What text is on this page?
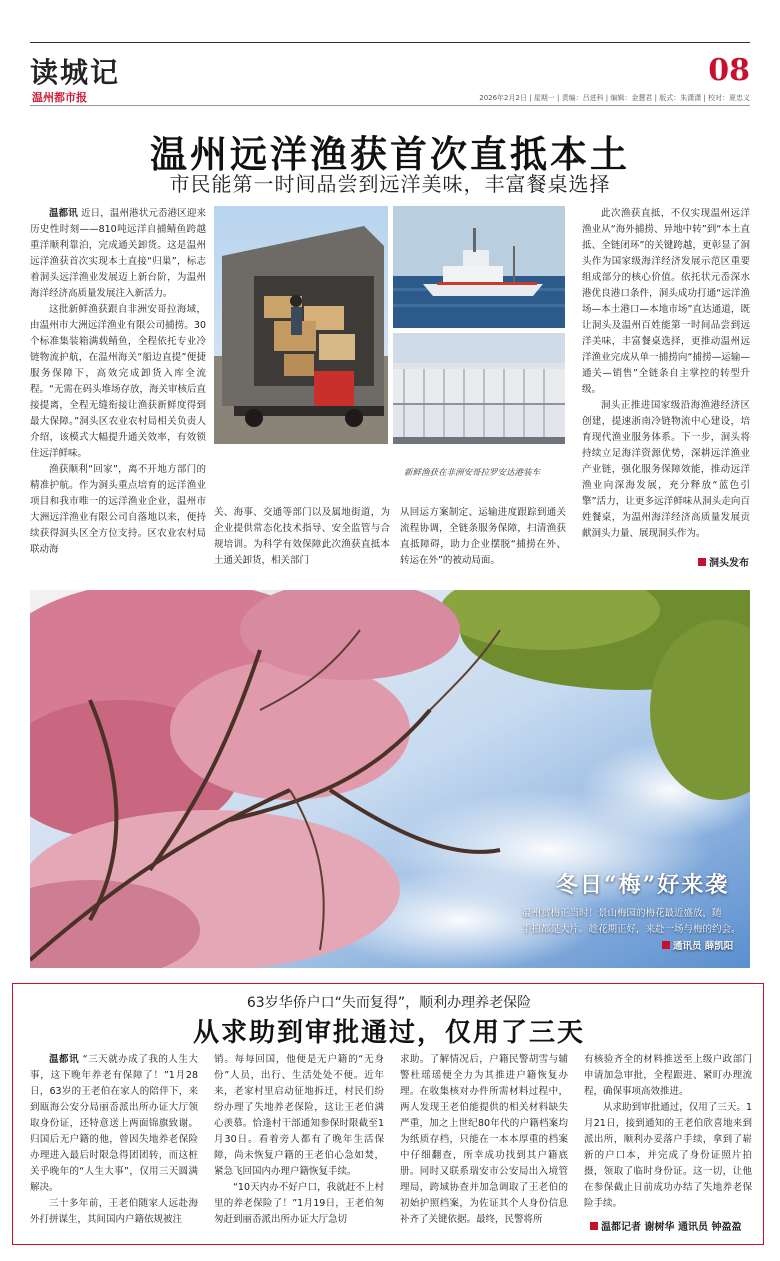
读城记
温州都市报
08
2026年2月2日 | 星期一 | 责编：吕进科 | 编辑：金慧君 | 版式：朱潇潇 | 校对：夏忠义
温州远洋渔获首次直抵本土
市民能第一时间品尝到远洋美味，丰富餐桌选择

温都讯 近日，温州港状元岙港区迎来历史性时刻——810吨远洋自捕鲭鱼跨越重洋顺利靠泊，完成通关卸货。这是温州远洋渔获首次实现本土直接“归巢”，标志着洞头远洋渔业发展迈上新台阶，为温州海洋经济高质量发展注入新活力。

这批新鲜渔获跟自非洲安哥拉海域，由温州市大洲远洋渔业有限公司捕捞。30个标准集装箱满载鲭鱼，全程依托专业冷链物流护航，在温州海关“船边直提”便捷服务保障下，高效完成卸货入库全流程。“无需在码头堆场存放，海关审核后直接提离，全程无缝衔接让渔获新鲜度得到最大保障。”洞头区农业农村局相关负责人介绍，该模式大幅提升通关效率，有效锁住远洋鲜味。

渔获顺利“回家”，离不开地方部门的精准护航。作为洞头重点培育的远洋渔业项目和我市唯一的远洋渔业企业，温州市大洲远洋渔业有限公司自落地以来，便持续获得洞头区全方位支持。区农业农村局联动海

新鲜渔获在非洲安哥拉罗安达港装车
关、海事、交通等部门以及属地街道，为企业提供常态化技术指导、安全监管与合规培训。为科学有效保障此次渔获直抵本土通关卸货，相关部门
从回运方案制定、运输进度跟踪到通关流程协调，全链条服务保障，扫清渔获直抵障碍，助力企业摆脱“捕捞在外、转运在外”的被动局面。

此次渔获直抵，不仅实现温州远洋渔业从“海外捕捞、异地中转”到“本土直抵、全链闭环”的关键跨越，更彰显了洞头作为国家级海洋经济发展示范区重要组成部分的核心价值。依托状元岙深水港优良港口条件，洞头成功打通“远洋渔场—本土港口—本地市场”直达通道，既让洞头及温州百姓能第一时间品尝到远洋美味，丰富餐桌选择，更推动温州远洋渔业完成从单一捕捞向“捕捞—运输—通关—销售”全链条自主掌控的转型升级。

洞头正推进国家级沿海渔港经济区创建，提速浙南冷链物流中心建设，培育现代渔业服务体系。下一步，洞头将持续立足海洋资源优势，深耕远洋渔业产业链，强化服务保障效能，推动远洋渔业向深海发展，充分释放“蓝色引擎”活力，让更多远洋鲜味从洞头走向百姓餐桌，为温州海洋经济高质量发展贡献洞头力量、展现洞头作为。

洞头发布
冬日“梅”好来袭
温州赏梅正当时！景山梅园的梅花最近盛放，随
手拍都是大片。趁花期正好，来赴一场与梅的约会。
通讯员 薛凯阳
63岁华侨户口“失而复得”，顺利办理养老保险
从求助到审批通过，仅用了三天

温都讯 “三天就办成了我的人生大事，这下晚年养老有保障了！”1月28日，63岁的王老伯在家人的陪伴下，来到瓯海公安分局丽岙派出所办证大厅领取身份证，还特意送上两面锦旗致谢。归国后无户籍的他，曾因失地养老保险办理进入最后时限急得团团转，而这桩关乎晚年的“人生大事”，仅用三天圆满解决。

三十多年前，王老伯随家人远赴海外打拼谋生，其间国内户籍依规被注

销。每每回国，他便是无户籍的“无身份”人员，出行、生活处处不便。近年来，老家村里启动征地拆迁，村民们纷纷办理了失地养老保险，这让王老伯满心羡慕。恰逢村干部通知参保时限截至1月30日。看着旁人都有了晚年生活保障，尚未恢复户籍的王老伯心急如焚，紧急飞回国内办理户籍恢复手续。

“10天内办不好户口，我就赶不上村里的养老保险了！”1月19日，王老伯匆匆赶到丽岙派出所办证大厅急切

求助。了解情况后，户籍民警胡雪与辅警杜瑶瑶便全力为其推进户籍恢复办理。在收集核对办件所需材料过程中，两人发现王老伯能提供的相关材料缺失严重，加之上世纪80年代的户籍档案均为纸质存档，只能在一本本厚重的档案中仔细翻查，所幸成功找到其户籍底册。同时又联系瑞安市公安局出入境管理局，跨域协查并加急调取了王老伯的初始护照档案，为佐证其个人身份信息补齐了关键依据。最终，民警将所
有核验齐全的材料推送至上级户政部门申请加急审批，全程跟进、紧盯办理流程，确保事项高效推进。

从求助到审批通过，仅用了三天。1月21日，接到通知的王老伯欣喜地来到派出所，顺利办妥落户手续，拿到了崭新的户口本，并完成了身份证照片拍摄，领取了临时身份证。这一切，让他在参保截止日前成功办结了失地养老保险手续。

温都记者 谢树华 通讯员 钟盈盈
